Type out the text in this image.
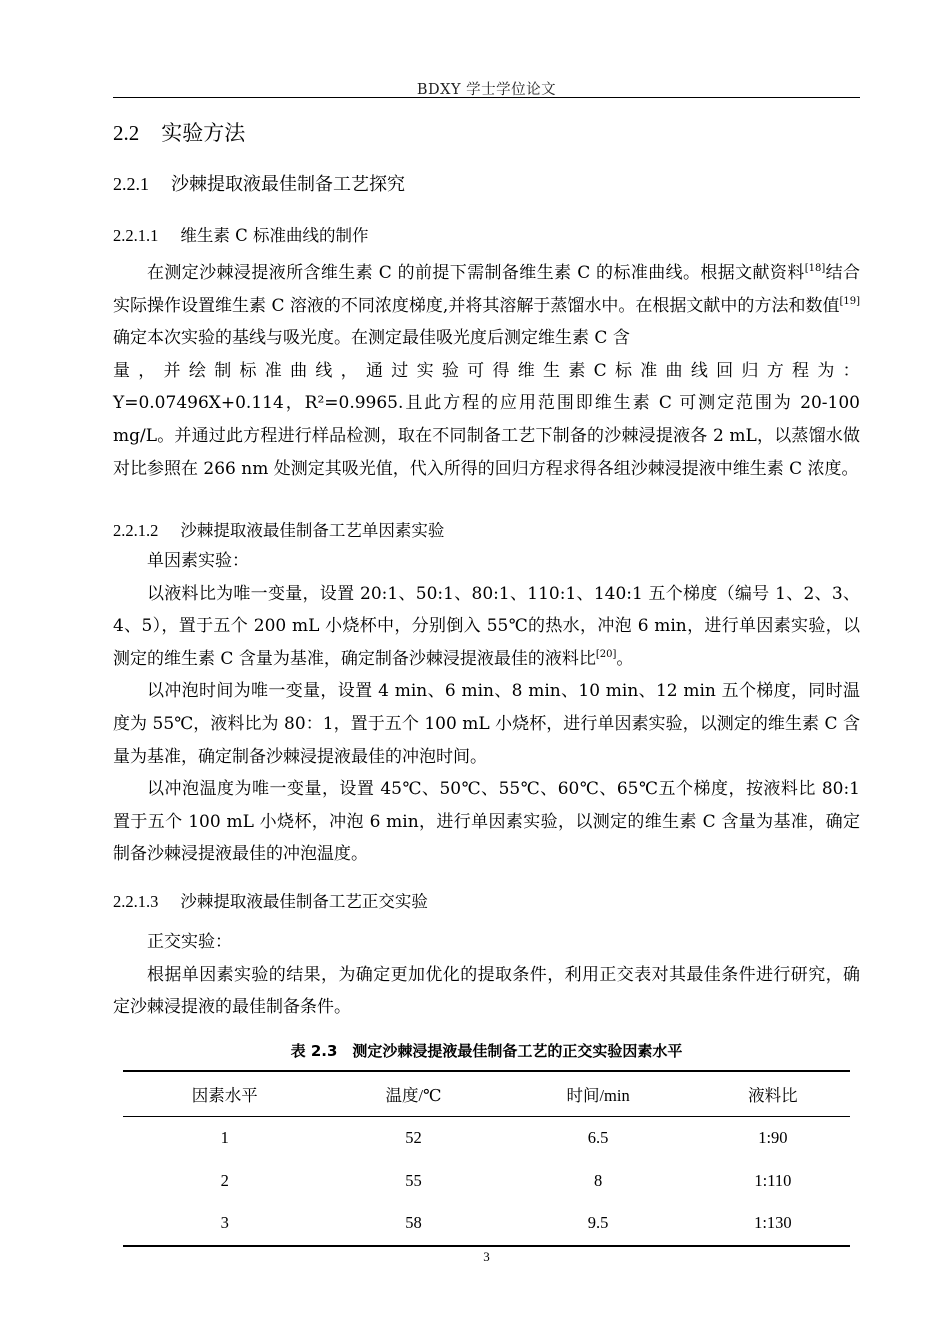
BDXY 学士学位论文
2.2 实验方法
2.2.1 沙棘提取液最佳制备工艺探究
2.2.1.1 维生素 C 标准曲线的制作

在测定沙棘浸提液所含维生素 C 的前提下需制备维生素 C 的标准曲线。根据文献资料[18]结合实际操作设置维生素 C 溶液的不同浓度梯度,并将其溶解于蒸馏水中。在根据文献中的方法和数值[19]确定本次实验的基线与吸光度。在测定最佳吸光度后测定维生素 C 含

量 ， 并 绘 制 标 准 曲 线 ， 通 过 实 验 可 得 维 生 素 C 标 准 曲 线 回 归 方 程 为 ：
Y=0.07496X+0.114，R²=0.9965.且此方程的应用范围即维生素 C 可测定范围为 20-100 mg/L。并通过此方程进行样品检测，取在不同制备工艺下制备的沙棘浸提液各 2 mL，以蒸馏水做对比参照在 266 nm 处测定其吸光值，代入所得的回归方程求得各组沙棘浸提液中维生素 C 浓度。
2.2.1.2 沙棘提取液最佳制备工艺单因素实验

单因素实验：

以液料比为唯一变量，设置 20:1、50:1、80:1、110:1、140:1 五个梯度（编号 1、2、3、4、5），置于五个 200 mL 小烧杯中，分别倒入 55℃的热水，冲泡 6 min，进行单因素实验，以测定的维生素 C 含量为基准，确定制备沙棘浸提液最佳的液料比[20]。

以冲泡时间为唯一变量，设置 4 min、6 min、8 min、10 min、12 min 五个梯度，同时温度为 55℃，液料比为 80：1，置于五个 100 mL 小烧杯，进行单因素实验，以测定的维生素 C 含量为基准，确定制备沙棘浸提液最佳的冲泡时间。

以冲泡温度为唯一变量，设置 45℃、50℃、55℃、60℃、65℃五个梯度，按液料比 80:1 置于五个 100 mL 小烧杯，冲泡 6 min，进行单因素实验，以测定的维生素 C 含量为基准，确定制备沙棘浸提液最佳的冲泡温度。

2.2.1.3 沙棘提取液最佳制备工艺正交实验

正交实验：

根据单因素实验的结果，为确定更加优化的提取条件，利用正交表对其最佳条件进行研究，确定沙棘浸提液的最佳制备条件。

表 2.3　测定沙棘浸提液最佳制备工艺的正交实验因素水平
因素水平	温度/℃	时间/min	液料比
1	52	6.5	1:90
2	55	8	1:110
3	58	9.5	1:130
3
